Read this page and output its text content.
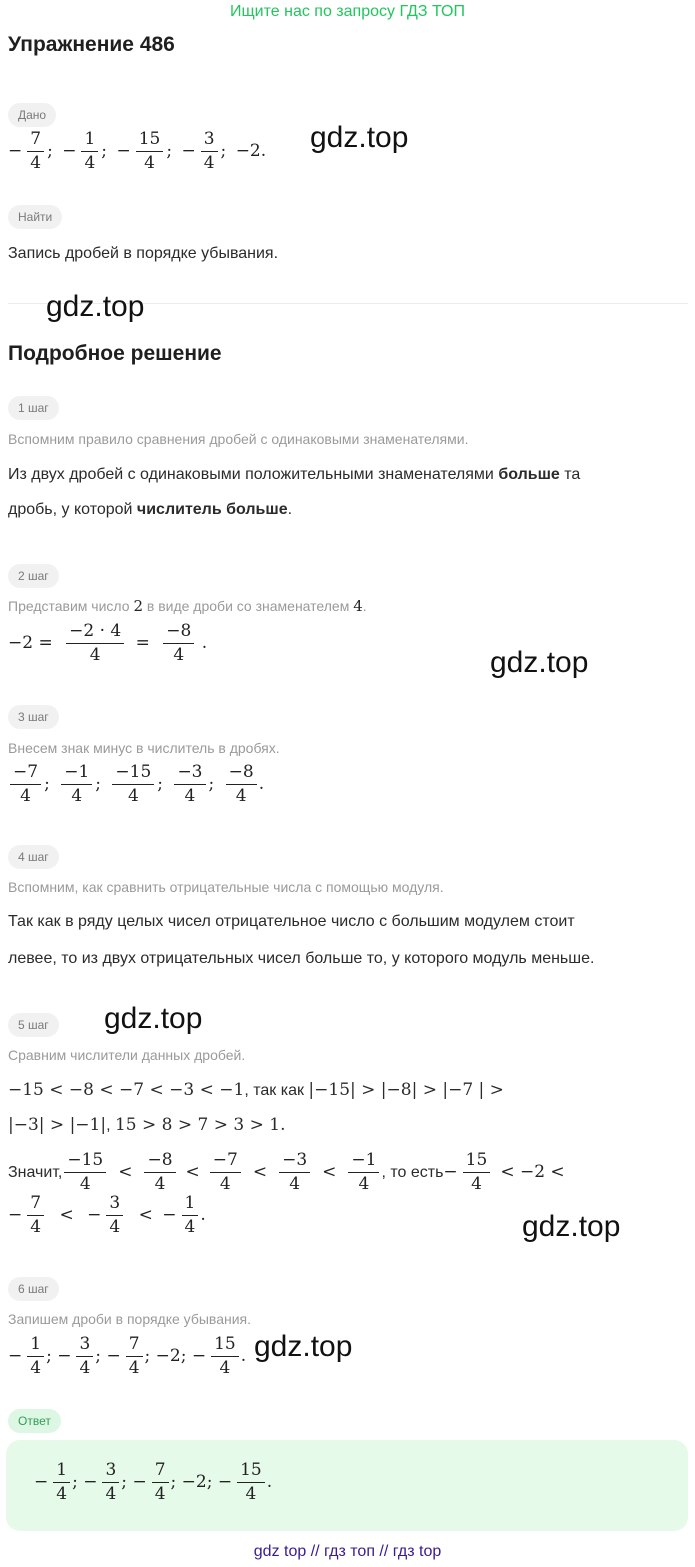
Ищите нас по запросу ГДЗ ТОП
Упражнение 486
Дано
− $\frac{7}{4}$ ;
− $\frac{1}{4}$ ;
− $\frac{15}{4}$ ;
− $\frac{3}{4}$ ; −2. gdz.top
Найти
Запись дробей в порядке убывания.
gdz.top
Подробное решение
1 шаг
Вспомним правило сравнения дробей с одинаковыми знаменателями.
Из двух дробей с одинаковыми положительными знаменателями больше та
дробь, у которой числитель больше.
2 шаг
Представим число 2 в виде дроби со знаменателем 4.
$-2 = \frac{-2 \cdot 4}{4} = \frac{-8}{4}$ .
gdz.top
3 шаг
Внесем знак минус в числитель в дробях.
$\frac{-7}{4}$ ; $\frac{-1}{4}$ ; $\frac{-15}{4}$ ; $\frac{-3}{4}$ ; $\frac{-8}{4}$ .
4 шаг
Вспомним, как сравнить отрицательные числа с помощью модуля.
Так как в ряду целых чисел отрицательное число с большим модулем стоит
левее, то из двух отрицательных чисел больше то, у которого модуль меньше.
5 шаг	gdz.top
Сравним числители данных дробей.
−15 < −8 < −7 < −3 < −1, так как |−15| > |−8| > |−7 | >
|−3| > |−1|, 15 > 8 > 7 > 3 > 1.
Значит, $\frac{-15}{4} < \frac{-8}{4} < \frac{-7}{4} < \frac{-3}{4} < \frac{-1}{4}$ , то есть − $\frac{15}{4} < -2$ <
− $\frac{7}{4}$ < − $\frac{3}{4}$ < − $\frac{1}{4}$ .	gdz.top
6 шаг
Запишем дроби в порядке убывания.
− $\frac{1}{4}$ ; − $\frac{3}{4}$ ; − $\frac{7}{4}$ ; −2; − $\frac{15}{4}$ . gdz.top
Ответ
− $\frac{1}{4}$ ; − $\frac{3}{4}$ ; − $\frac{7}{4}$ ; −2; − $\frac{15}{4}$ .
gdz top // гдз топ // гдз top
